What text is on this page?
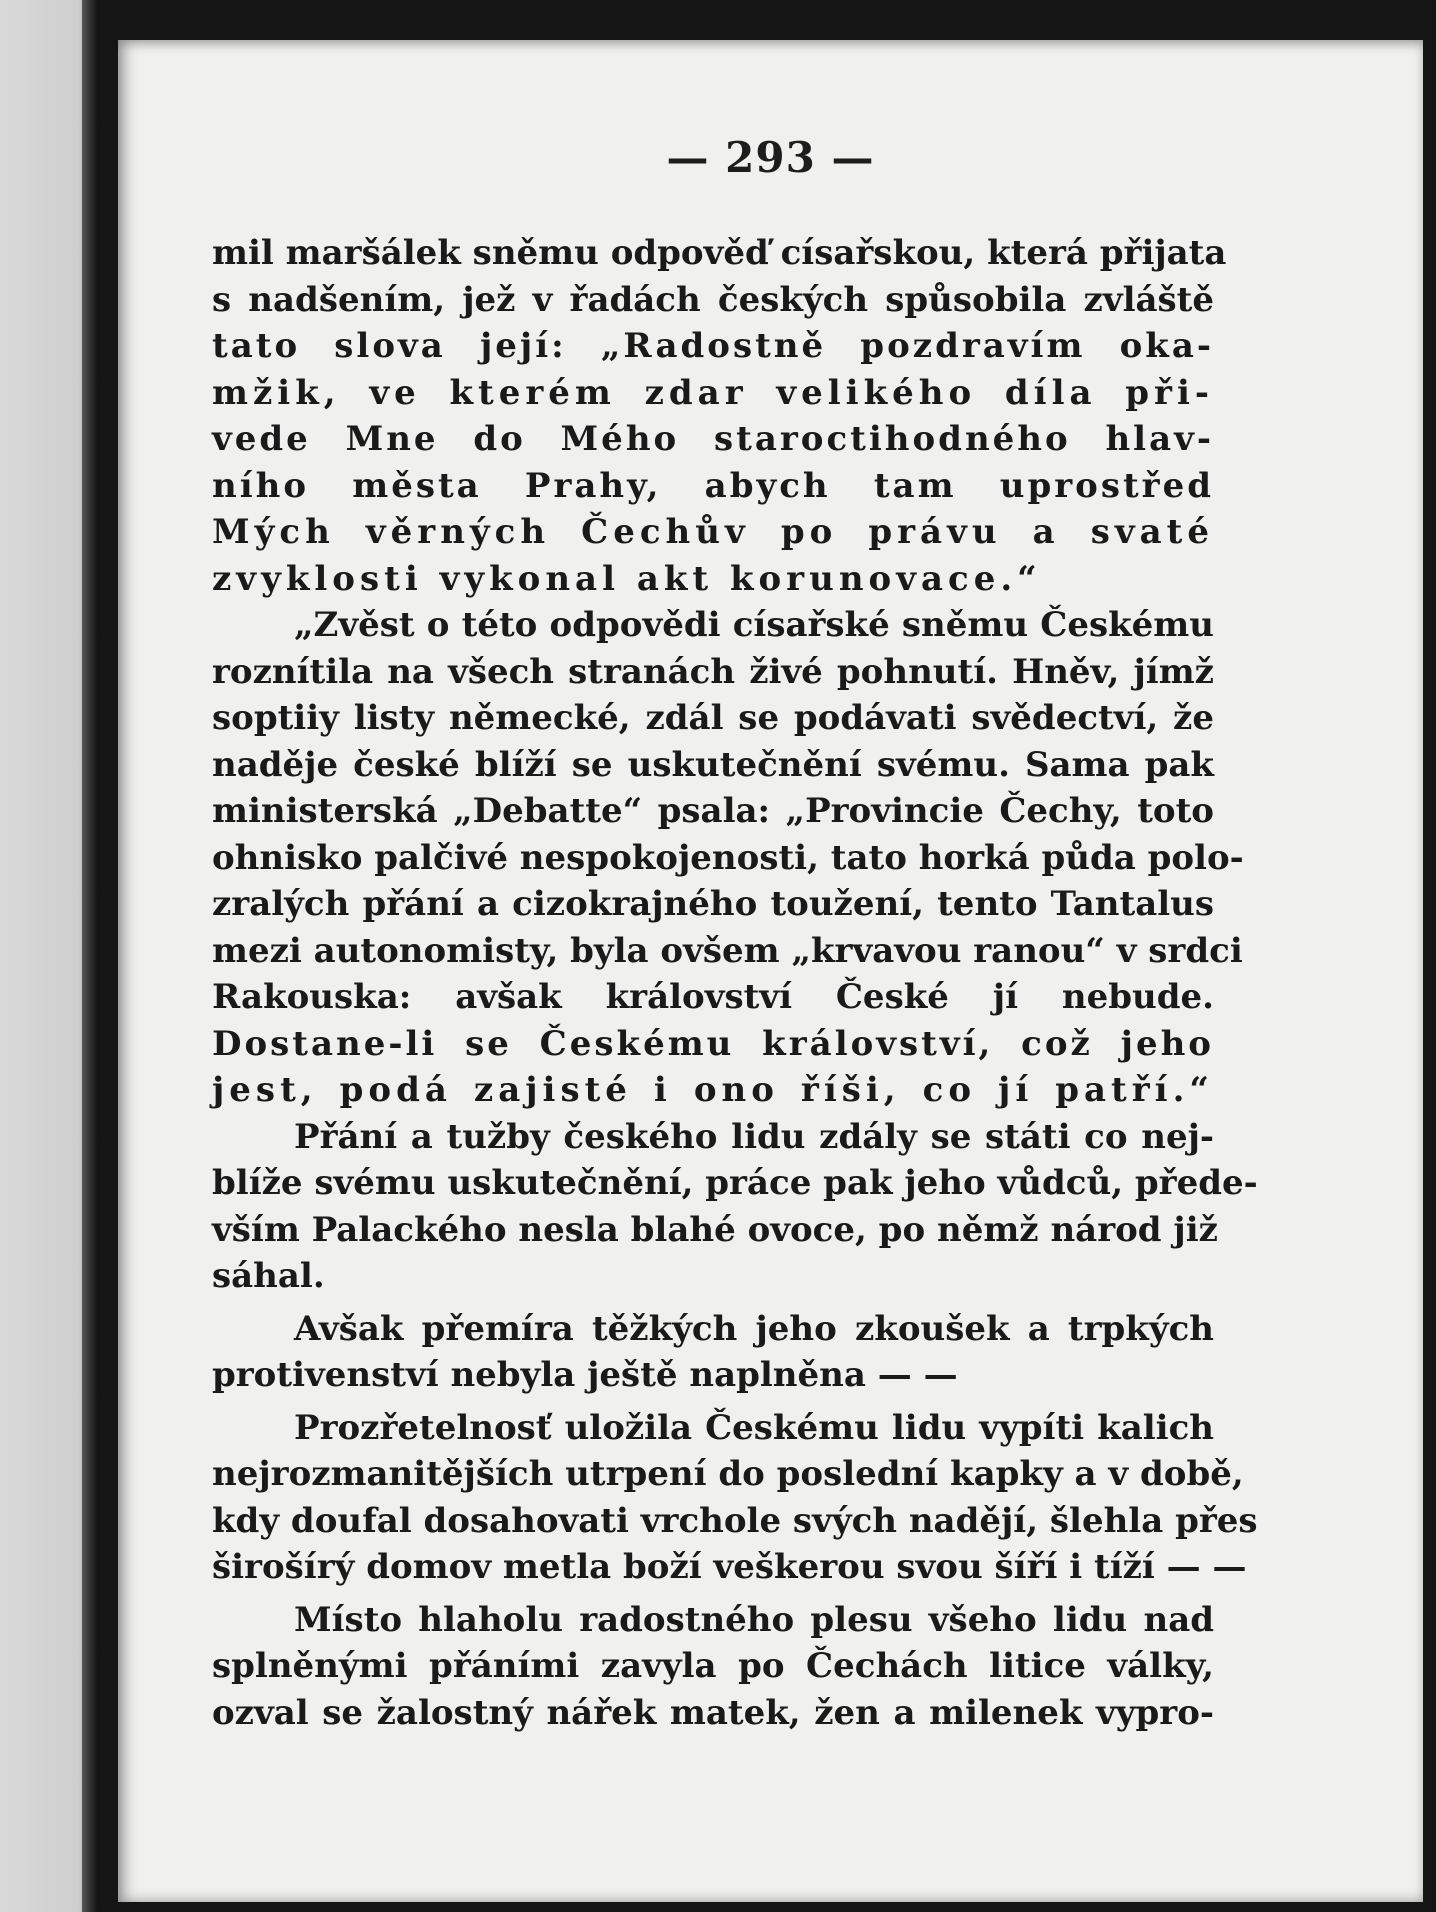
— 293 —
mil maršálek sněmu odpověď císařskou, která přijata
s nadšením, jež v řadách českých spůsobila zvláště
tato slova její: „Radostně pozdravím oka-
mžik, ve kterém zdar velikého díla při-
vede Mne do Mého staroctihodného hlav-
ního města Prahy, abych tam uprostřed
Mých věrných Čechův po právu a svaté
zvyklosti vykonal akt korunovace.“
„Zvěst o této odpovědi císařské sněmu Českému
roznítila na všech stranách živé pohnutí. Hněv, jímž
soptiiy listy německé, zdál se podávati svědectví, že
naděje české blíží se uskutečnění svému. Sama pak
ministerská „Debatte“ psala: „Provincie Čechy, toto
ohnisko palčivé nespokojenosti, tato horká půda polo-
zralých přání a cizokrajného toužení, tento Tantalus
mezi autonomisty, byla ovšem „krvavou ranou“ v srdci
Rakouska: avšak království České jí nebude.
Dostane-li se Českému království, což jeho
jest, podá zajisté i ono říši, co jí patří.“
Přání a tužby českého lidu zdály se státi co nej-
blíže svému uskutečnění, práce pak jeho vůdců, přede-
vším Palackého nesla blahé ovoce, po němž národ již
sáhal.
Avšak přemíra těžkých jeho zkoušek a trpkých
protivenství nebyla ještě naplněna — —
Prozřetelnosť uložila Českému lidu vypíti kalich
nejrozmanitějších utrpení do poslední kapky a v době,
kdy doufal dosahovati vrchole svých nadějí, šlehla přes
širošírý domov metla boží veškerou svou šíří i tíží — —
Místo hlaholu radostného plesu všeho lidu nad
splněnými přáními zavyla po Čechách litice války,
ozval se žalostný nářek matek, žen a milenek vypro-
